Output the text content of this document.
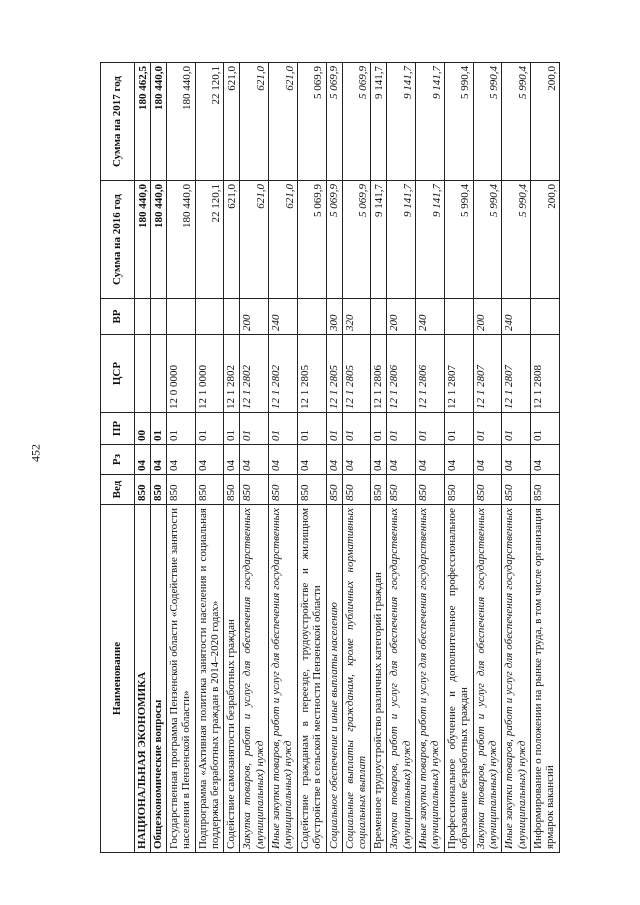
452
Наименование	Вед	Рз	ПР	ЦСР	ВР	Сумма на 2016 год	Сумма на 2017 год
НАЦИОНАЛЬНАЯ ЭКОНОМИКА	850	04	00			180 440,0	180 462,5
Общеэкономические вопросы	850	04	01			180 440,0	180 440,0
Государственная программа Пензенской области «Содействие занятости населения в Пензенской области»	850	04	01	12 0 0000		180 440,0	180 440,0
Подпрограмма «Активная политика занятости населения и социальная поддержка безработных граждан в 2014–2020 годах»	850	04	01	12 1 0000		22 120,1	22 120,1
Содействие самозанятости безработных граждан	850	04	01	12 1 2802		621,0	621,0
Закупка товаров, работ и услуг для обеспечения государственных (муниципальных) нужд	850	04	01	12 1 2802	200	621,0	621,0
Иные закупки товаров, работ и услуг для обеспечения государственных (муниципальных) нужд	850	04	01	12 1 2802	240	621,0	621,0
Содействие гражданам в переезде, трудоустройстве и жилищном обустройстве в сельской местности Пензенской области	850	04	01	12 1 2805		5 069,9	5 069,9
Социальное обеспечение и иные выплаты населению	850	04	01	12 1 2805	300	5 069,9	5 069,9
Социальные выплаты гражданам, кроме публичных нормативных социальных выплат	850	04	01	12 1 2805	320	5 069,9	5 069,9
Временное трудоустройство различных категорий граждан	850	04	01	12 1 2806		9 141,7	9 141,7
Закупка товаров, работ и услуг для обеспечения государственных (муниципальных) нужд	850	04	01	12 1 2806	200	9 141,7	9 141,7
Иные закупки товаров, работ и услуг для обеспечения государственных (муниципальных) нужд	850	04	01	12 1 2806	240	9 141,7	9 141,7
Профессиональное обучение и дополнительное профессиональное образование безработных граждан	850	04	01	12 1 2807		5 990,4	5 990,4
Закупка товаров, работ и услуг для обеспечения государственных (муниципальных) нужд	850	04	01	12 1 2807	200	5 990,4	5 990,4
Иные закупки товаров, работ и услуг для обеспечения государственных (муниципальных) нужд	850	04	01	12 1 2807	240	5 990,4	5 990,4
Информирование о положении на рынке труда, в том числе организация ярмарок вакансий	850	04	01	12 1 2808		200,0	200,0
